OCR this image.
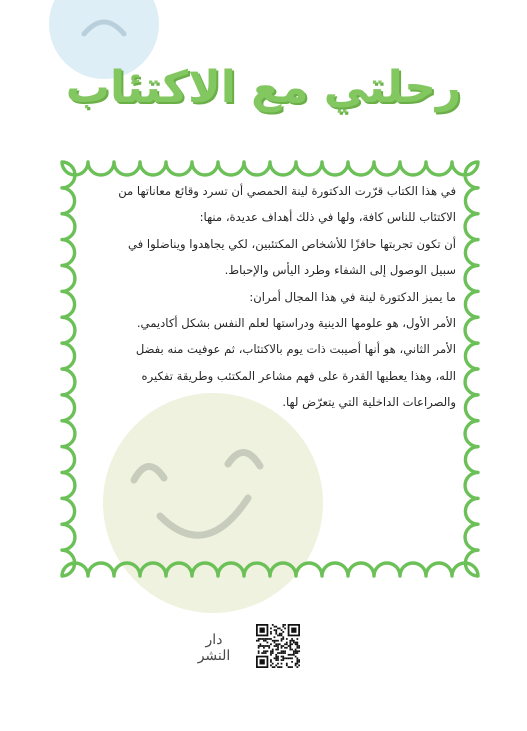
رحلتي مع الاكتئاب

في هذا الكتاب قرّرت الدكتورة لينة الحمصي أن تسرد وقائع معاناتها من

الاكتئاب للناس كافة، ولها في ذلك أهداف عديدة، منها:

أن تكون تجربتها حافزًا للأشخاص المكتئبين، لكي يجاهدوا ويناضلوا في

سبيل الوصول إلى الشفاء وطرد اليأس والإحباط.

ما يميز الدكتورة لينة في هذا المجال أمران:

الأمر الأول، هو علومها الدينية ودراستها لعلم النفس بشكل أكاديمي.

الأمر الثاني، هو أنها أصيبت ذات يوم بالاكتئاب، ثم عوفيت منه بفضل

الله، وهذا يعطيها القدرة على فهم مشاعر المكتئب وطريقة تفكيره

والصراعات الداخلية التي يتعرّض لها.

دار النشر
